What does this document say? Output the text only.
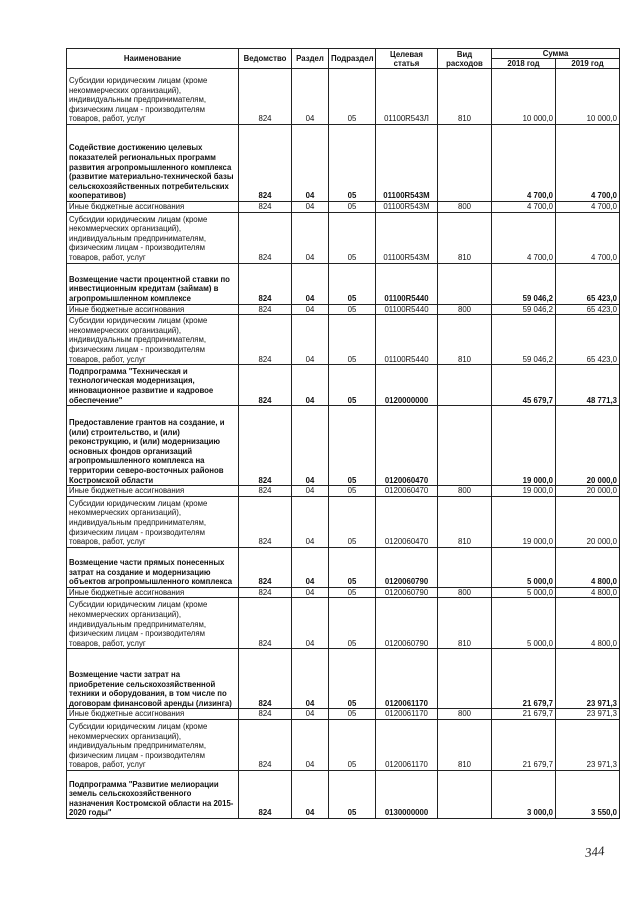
Наименование	Ведомство	Раздел	Подраздел	Целевая статья	Вид расходов	Сумма	
						2018 год	2019 год
Субсидии юридическим лицам (кроме некоммерческих организаций), индивидуальным предпринимателям, физическим лицам - производителям товаров, работ, услуг	824	04	05	01100R543Л	810	10 000,0	10 000,0
Содействие достижению целевых показателей региональных программ развития агропромышленного комплекса (развитие материально-технической базы сельскохозяйственных потребительских кооперативов)	824	04	05	01100R543M		4 700,0	4 700,0
Иные бюджетные ассигнования	824	04	05	01100R543M	800	4 700,0	4 700,0
Субсидии юридическим лицам (кроме некоммерческих организаций), индивидуальным предпринимателям, физическим лицам - производителям товаров, работ, услуг	824	04	05	01100R543M	810	4 700,0	4 700,0
Возмещение части процентной ставки по инвестиционным кредитам (займам) в агропромышленном комплексе	824	04	05	01100R5440		59 046,2	65 423,0
Иные бюджетные ассигнования	824	04	05	01100R5440	800	59 046,2	65 423,0
Субсидии юридическим лицам (кроме некоммерческих организаций), индивидуальным предпринимателям, физическим лицам - производителям товаров, работ, услуг	824	04	05	01100R5440	810	59 046,2	65 423,0
Подпрограмма "Техническая и технологическая модернизация, инновационное развитие и кадровое обеспечение"	824	04	05	0120000000		45 679,7	48 771,3
Предоставление грантов на создание, и (или) строительство, и (или) реконструкцию, и (или) модернизацию основных фондов организаций агропромышленного комплекса на территории северо-восточных районов Костромской области	824	04	05	0120060470		19 000,0	20 000,0
Иные бюджетные ассигнования	824	04	05	0120060470	800	19 000,0	20 000,0
Субсидии юридическим лицам (кроме некоммерческих организаций), индивидуальным предпринимателям, физическим лицам - производителям товаров, работ, услуг	824	04	05	0120060470	810	19 000,0	20 000,0
Возмещение части прямых понесенных затрат на создание и модернизацию объектов агропромышленного комплекса	824	04	05	0120060790		5 000,0	4 800,0
Иные бюджетные ассигнования	824	04	05	0120060790	800	5 000,0	4 800,0
Субсидии юридическим лицам (кроме некоммерческих организаций), индивидуальным предпринимателям, физическим лицам - производителям товаров, работ, услуг	824	04	05	0120060790	810	5 000,0	4 800,0
Возмещение части затрат на приобретение сельскохозяйственной техники и оборудования, в том числе по договорам финансовой аренды (лизинга)	824	04	05	0120061170		21 679,7	23 971,3
Иные бюджетные ассигнования	824	04	05	0120061170	800	21 679,7	23 971,3
Субсидии юридическим лицам (кроме некоммерческих организаций), индивидуальным предпринимателям, физическим лицам - производителям товаров, работ, услуг	824	04	05	0120061170	810	21 679,7	23 971,3
Подпрограмма "Развитие мелиорации земель сельскохозяйственного назначения Костромской области на 2015-2020 годы"	824	04	05	0130000000		3 000,0	3 550,0
344
